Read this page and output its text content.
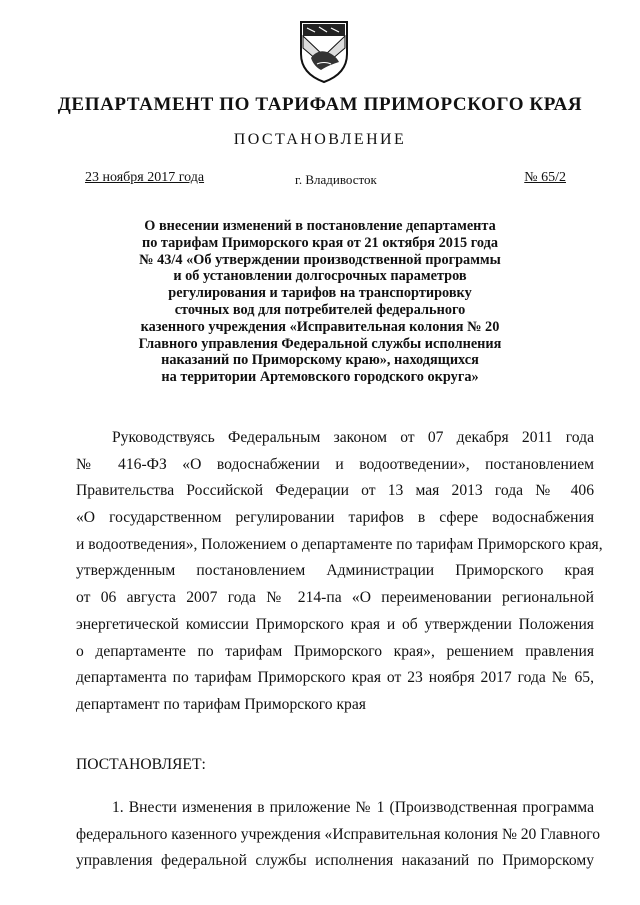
ДЕПАРТАМЕНТ ПО ТАРИФАМ ПРИМОРСКОГО КРАЯ
ПОСТАНОВЛЕНИЕ
23 ноября 2017 года	г. Владивосток	№ 65/2
О внесении изменений в постановление департамента
по тарифам Приморского края от 21 октября 2015 года
№ 43/4 «Об утверждении производственной программы
и об установлении долгосрочных параметров
регулирования и тарифов на транспортировку
сточных вод для потребителей федерального
казенного учреждения «Исправительная колония № 20
Главного управления Федеральной службы исполнения
наказаний по Приморскому краю», находящихся
на территории Артемовского городского округа»
Руководствуясь Федеральным законом от 07 декабря 2011 года
№ 416-ФЗ «О водоснабжении и водоотведении», постановлением
Правительства Российской Федерации от 13 мая 2013 года № 406
«О государственном регулировании тарифов в сфере водоснабжения
и водоотведения», Положением о департаменте по тарифам Приморского края,
утвержденным постановлением Администрации Приморского края
от 06 августа 2007 года № 214-па «О переименовании региональной
энергетической комиссии Приморского края и об утверждении Положения
о департаменте по тарифам Приморского края», решением правления
департамента по тарифам Приморского края от 23 ноября 2017 года № 65,
департамент по тарифам Приморского края
ПОСТАНОВЛЯЕТ:
1. Внести изменения в приложение № 1 (Производственная программа
федерального казенного учреждения «Исправительная колония № 20 Главного
управления федеральной службы исполнения наказаний по Приморскому
